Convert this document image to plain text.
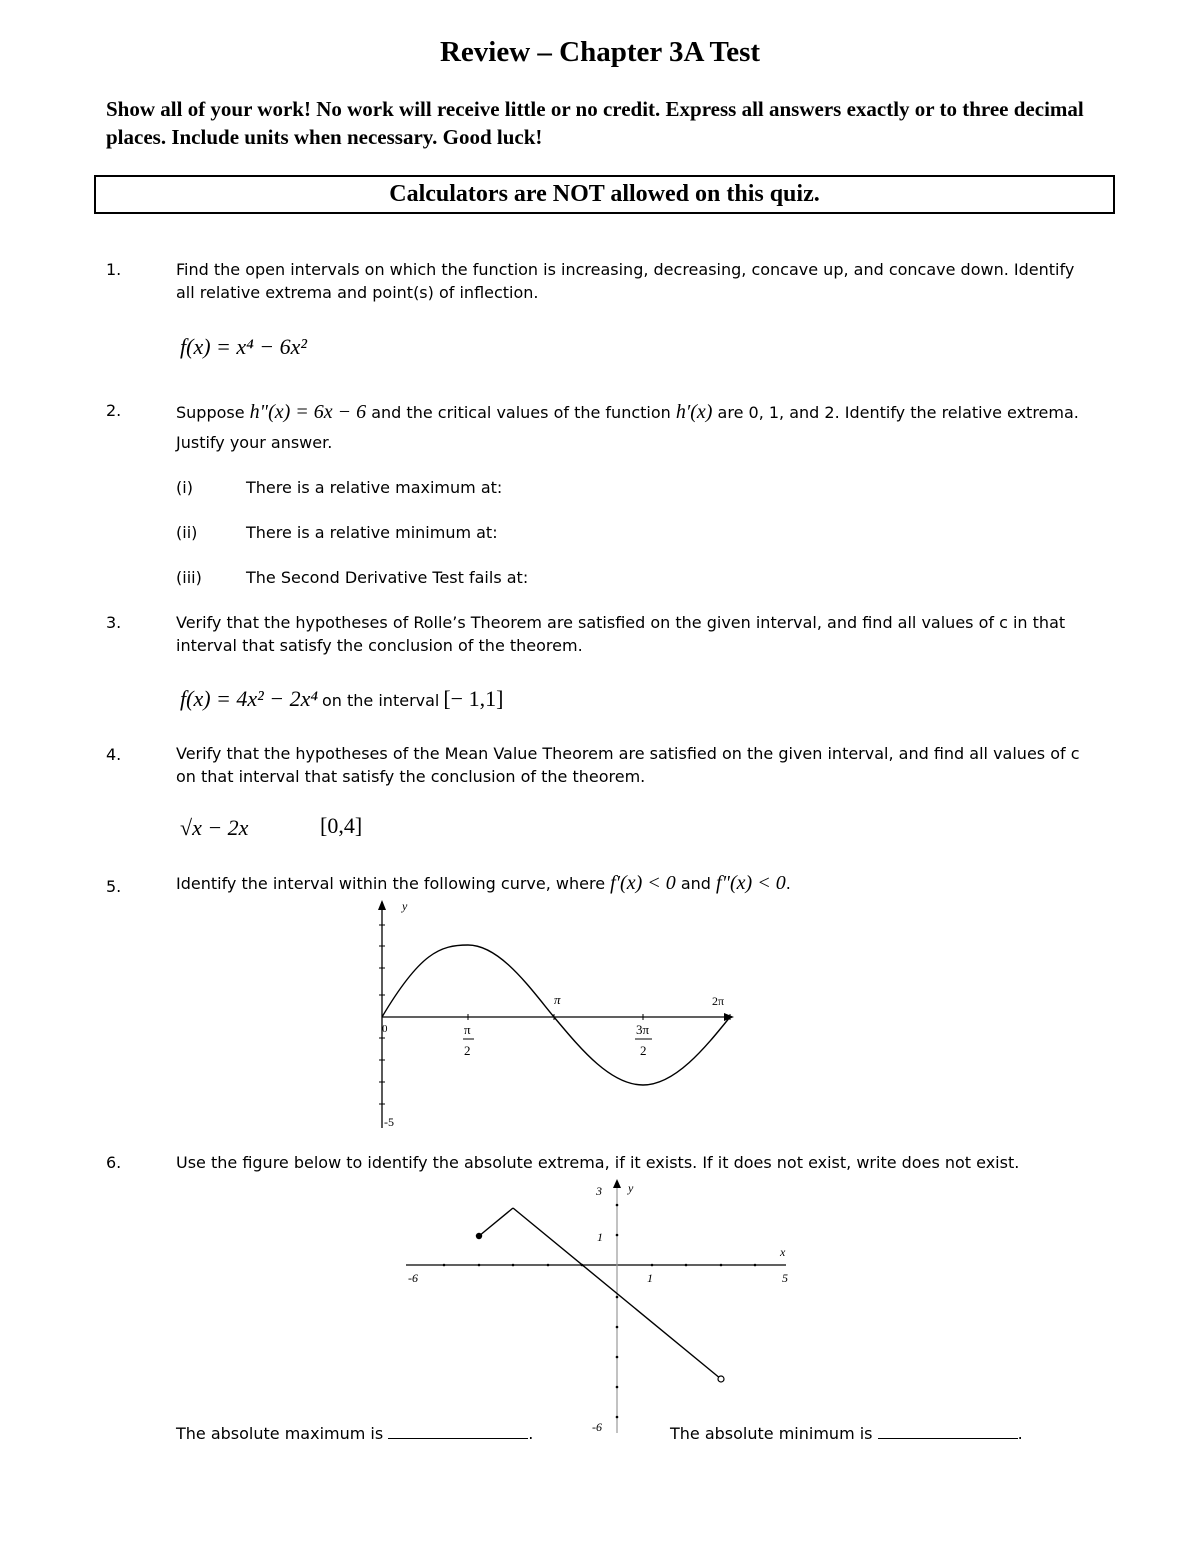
Review – Chapter 3A Test
Show all of your work! No work will receive little or no credit. Express all answers exactly or to three decimal places. Include units when necessary. Good luck!
Calculators are NOT allowed on this quiz.
1.	Find the open intervals on which the function is increasing, decreasing, concave up, and concave down. Identify all relative extrema and point(s) of inflection.
f(x) = x⁴ − 6x²
2.	Suppose h"(x) = 6x − 6 and the critical values of the function h′(x) are 0, 1, and 2. Identify the relative extrema. Justify your answer.
(i)	There is a relative maximum at:
(ii)	There is a relative minimum at:
(iii)	The Second Derivative Test fails at:
3.	Verify that the hypotheses of Rolle’s Theorem are satisfied on the given interval, and find all values of c in that interval that satisfy the conclusion of the theorem.
f(x) = 4x² − 2x⁴ on the interval [− 1,1]
4.	Verify that the hypotheses of the Mean Value Theorem are satisfied on the given interval, and find all values of c on that interval that satisfy the conclusion of the theorem.
√x − 2x	[0,4]
5.	Identify the interval within the following curve, where f′(x) < 0 and f"(x) < 0.
y
-5
0
π	2π
π
2
3π
2
6.	Use the figure below to identify the absolute extrema, if it exists. If it does not exist, write does not exist.
3 y
1
x
-6	1	5
-6
The absolute maximum is	.	The absolute minimum is	.
